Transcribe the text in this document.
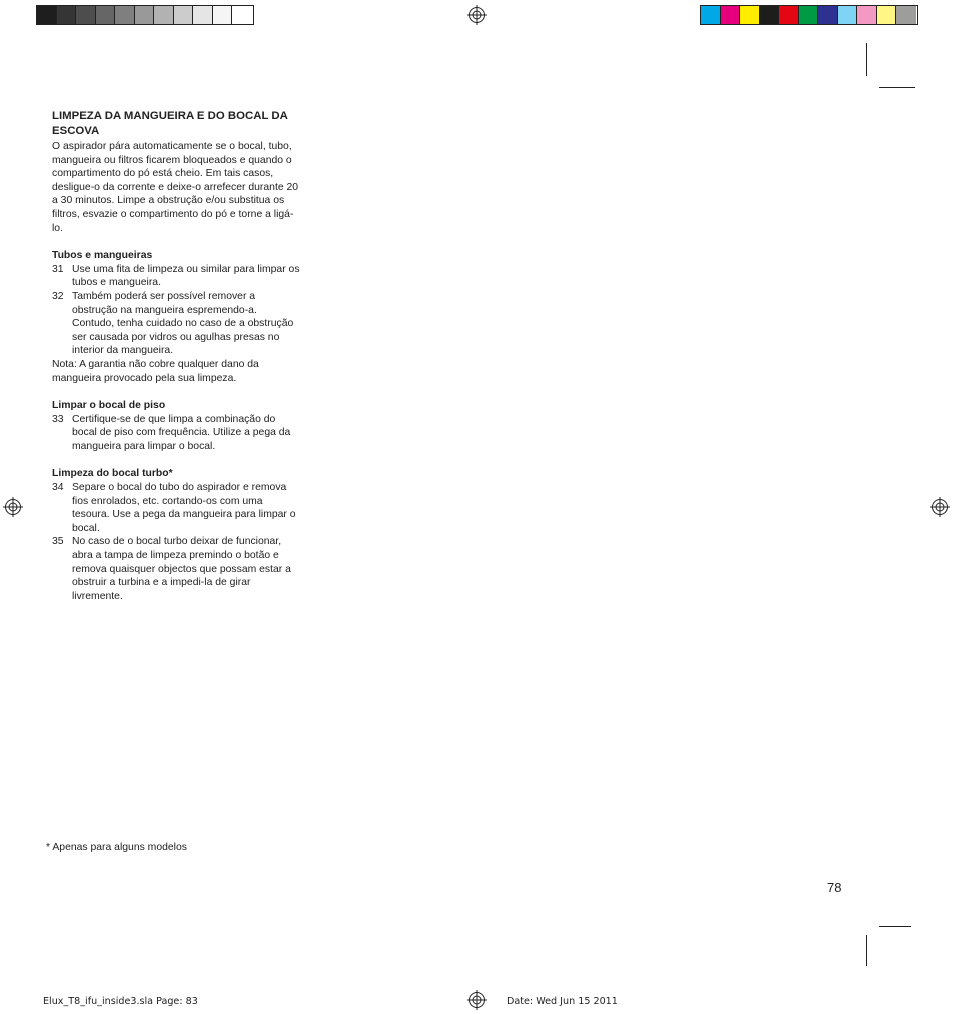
LIMPEZA DA MANGUEIRA E DO BOCAL DA ESCOVA

O aspirador pára automaticamente se o bocal, tubo, mangueira ou filtros ficarem bloqueados e quando o compartimento do pó está cheio. Em tais casos, desligue-o da corrente e deixe-o arrefecer durante 20 a 30 minutos. Limpe a obstrução e/ou substitua os filtros, esvazie o compartimento do pó e torne a ligá-lo.

Tubos e mangueiras

31 Use uma fita de limpeza ou similar para limpar os tubos e mangueira.
32 Também poderá ser possível remover a obstrução na mangueira espremendo-a. Contudo, tenha cuidado no caso de a obstrução ser causada por vidros ou agulhas presas no interior da mangueira.

Nota: A garantia não cobre qualquer dano da mangueira provocado pela sua limpeza.

Limpar o bocal de piso

33 Certifique-se de que limpa a combinação do bocal de piso com frequência. Utilize a pega da mangueira para limpar o bocal.

Limpeza do bocal turbo*

34 Separe o bocal do tubo do aspirador e remova fios enrolados, etc. cortando-os com uma tesoura. Use a pega da mangueira para limpar o bocal.
35 No caso de o bocal turbo deixar de funcionar, abra a tampa de limpeza premindo o botão e remova quaisquer objectos que possam estar a obstruir a turbina e a impedi-la de girar livremente.
* Apenas para alguns modelos
78
Elux_T8_ifu_inside3.sla Page: 83	Date: Wed Jun 15 2011
